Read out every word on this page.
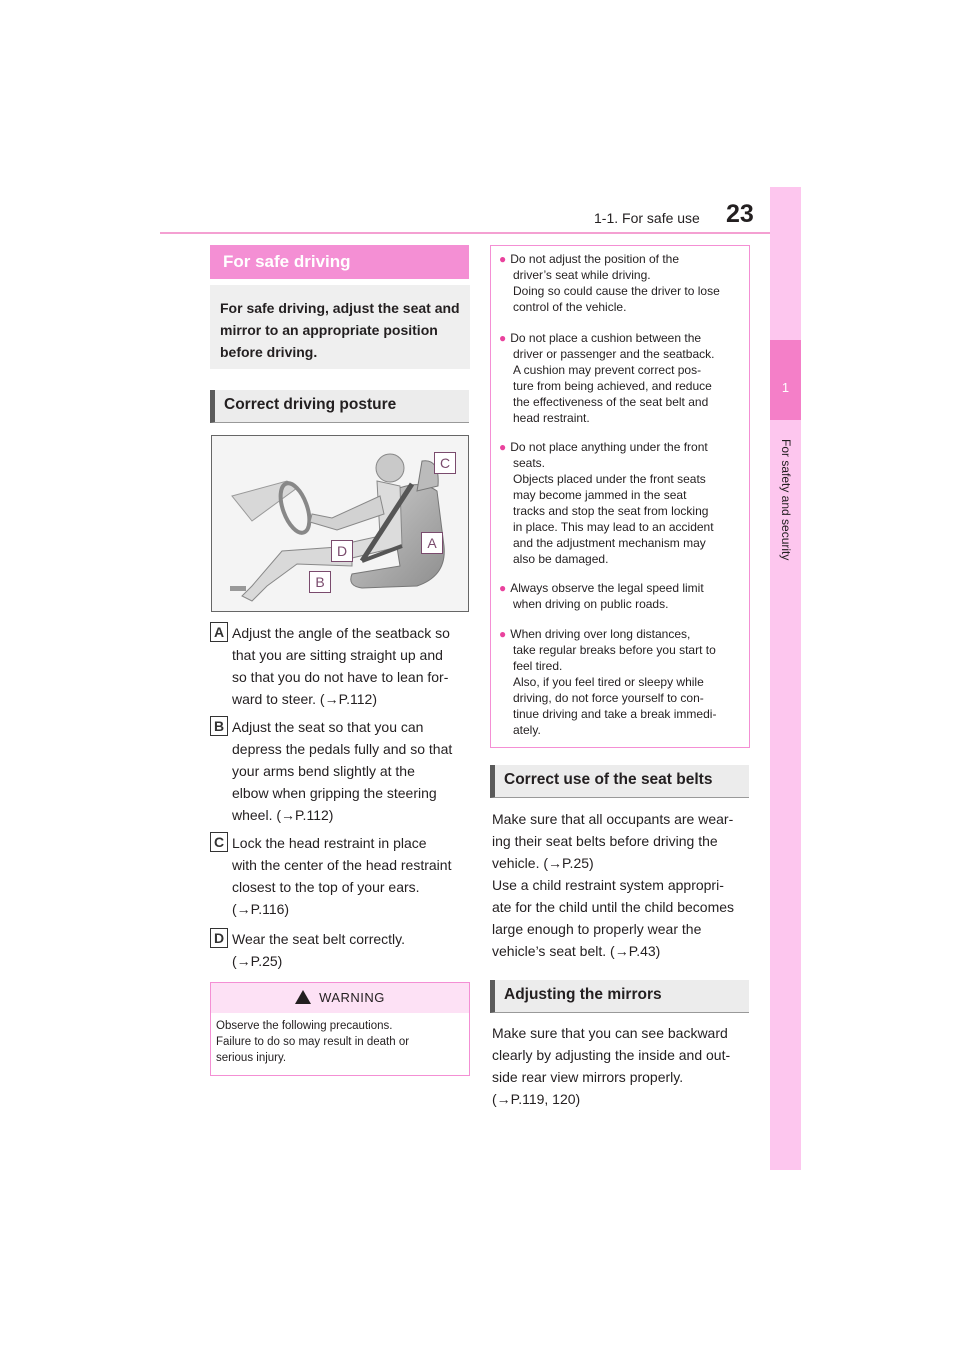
1-1. For safe use 23
1
For safety and security
For safe driving

For safe driving, adjust the seat and mirror to an appropriate position before driving.

Correct driving posture
C
D	A
B
A Adjust the angle of the seatback so
that you are sitting straight up and
so that you do not have to lean for-
ward to steer. (→P.112)
B Adjust the seat so that you can
depress the pedals fully and so that
your arms bend slightly at the
elbow when gripping the steering
wheel. (→P.112)
C Lock the head restraint in place
with the center of the head restraint
closest to the top of your ears.
(→P.116)
D Wear the seat belt correctly.
(→P.25)
WARNING
Observe the following precautions.
Failure to do so may result in death or
serious injury.
● Do not adjust the position of the
driver’s seat while driving.
Doing so could cause the driver to lose
control of the vehicle.
● Do not place a cushion between the
driver or passenger and the seatback.
A cushion may prevent correct pos-
ture from being achieved, and reduce
the effectiveness of the seat belt and
head restraint.
● Do not place anything under the front
seats.
Objects placed under the front seats
may become jammed in the seat
tracks and stop the seat from locking
in place. This may lead to an accident
and the adjustment mechanism may
also be damaged.
● Always observe the legal speed limit
when driving on public roads.
● When driving over long distances,
take regular breaks before you start to
feel tired.
Also, if you feel tired or sleepy while
driving, do not force yourself to con-
tinue driving and take a break immedi-
ately.
Correct use of the seat belts
Make sure that all occupants are wear-
ing their seat belts before driving the
vehicle. (→P.25)
Use a child restraint system appropri-
ate for the child until the child becomes
large enough to properly wear the
vehicle’s seat belt. (→P.43)
Adjusting the mirrors
Make sure that you can see backward
clearly by adjusting the inside and out-
side rear view mirrors properly.
(→P.119, 120)
